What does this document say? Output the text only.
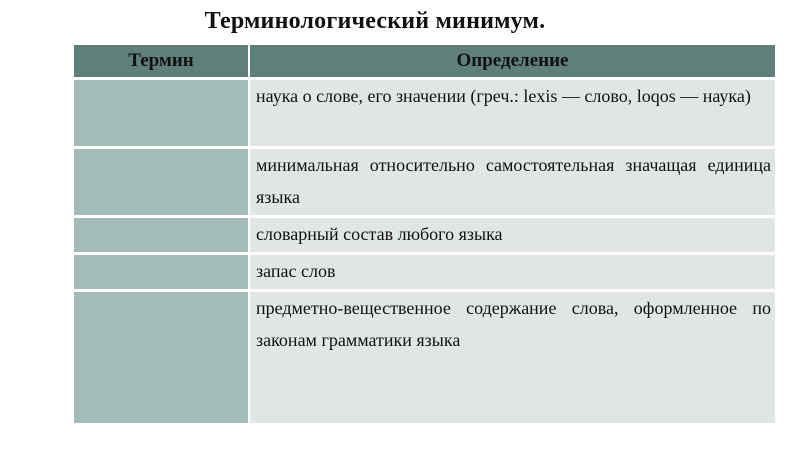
Терминологический минимум.
Термин	Определение
	наука о слове, его значении (греч.: lexis — слово, loqos — наука)
	минимальная относительно самостоятельная значащая единица языка
	словарный состав любого языка
	запас слов
	предметно-вещественное содержание слова, оформленное по законам грамматики языка
